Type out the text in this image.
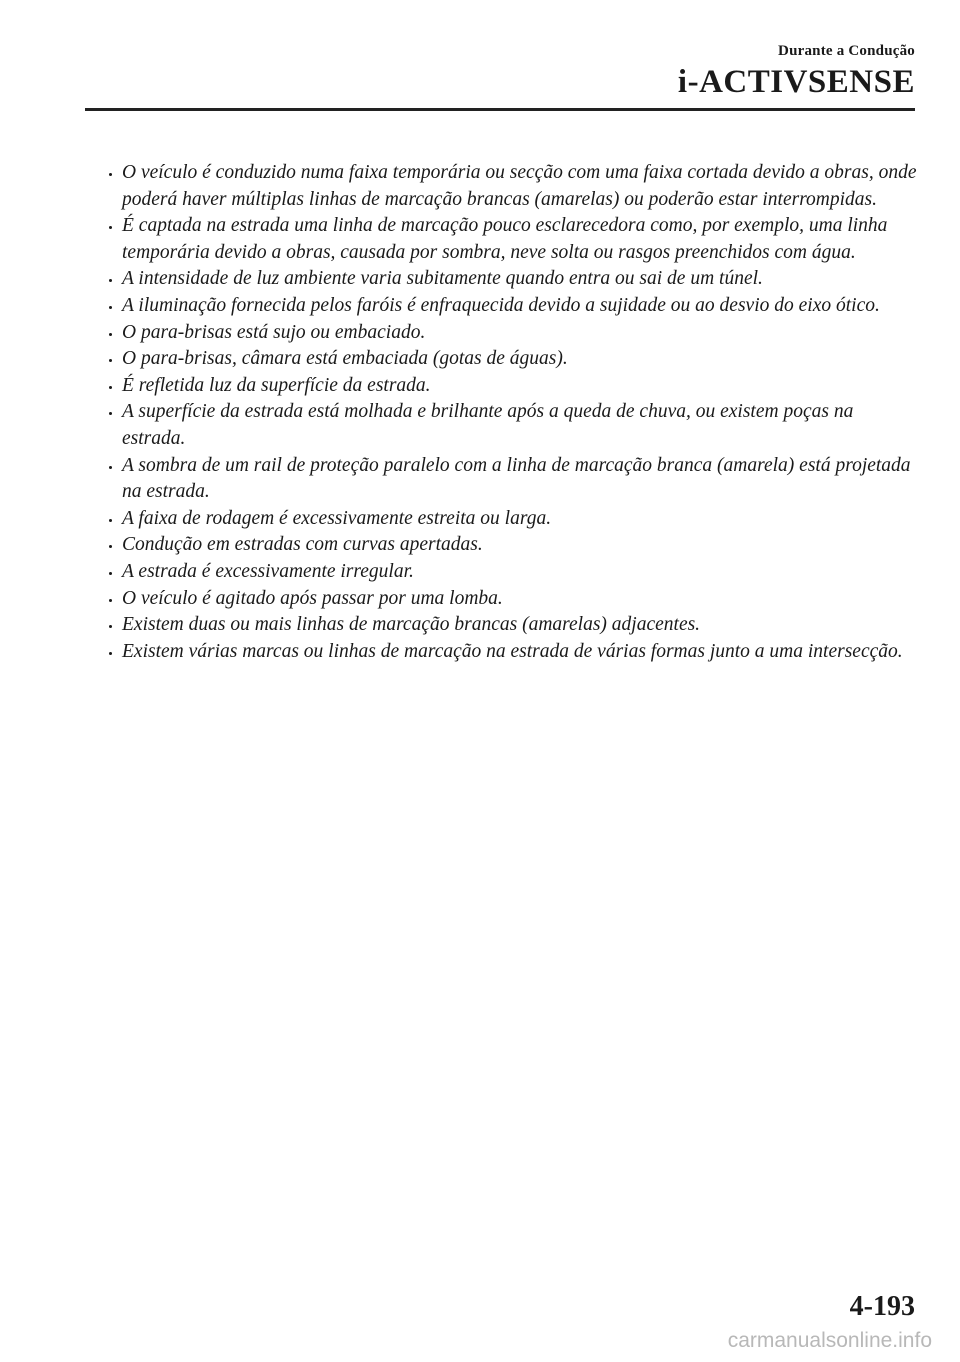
Durante a Condução
i-ACTIVSENSE
O veículo é conduzido numa faixa temporária ou secção com uma faixa cortada devido a obras, onde poderá haver múltiplas linhas de marcação brancas (amarelas) ou poderão estar interrompidas.
É captada na estrada uma linha de marcação pouco esclarecedora como, por exemplo, uma linha temporária devido a obras, causada por sombra, neve solta ou rasgos preenchidos com água.
A intensidade de luz ambiente varia subitamente quando entra ou sai de um túnel.
A iluminação fornecida pelos faróis é enfraquecida devido a sujidade ou ao desvio do eixo ótico.
O para-brisas está sujo ou embaciado.
O para-brisas, câmara está embaciada (gotas de águas).
É refletida luz da superfície da estrada.
A superfície da estrada está molhada e brilhante após a queda de chuva, ou existem poças na estrada.
A sombra de um rail de proteção paralelo com a linha de marcação branca (amarela) está projetada na estrada.
A faixa de rodagem é excessivamente estreita ou larga.
Condução em estradas com curvas apertadas.
A estrada é excessivamente irregular.
O veículo é agitado após passar por uma lomba.
Existem duas ou mais linhas de marcação brancas (amarelas) adjacentes.
Existem várias marcas ou linhas de marcação na estrada de várias formas junto a uma intersecção.
4-193
carmanualsonline.info
